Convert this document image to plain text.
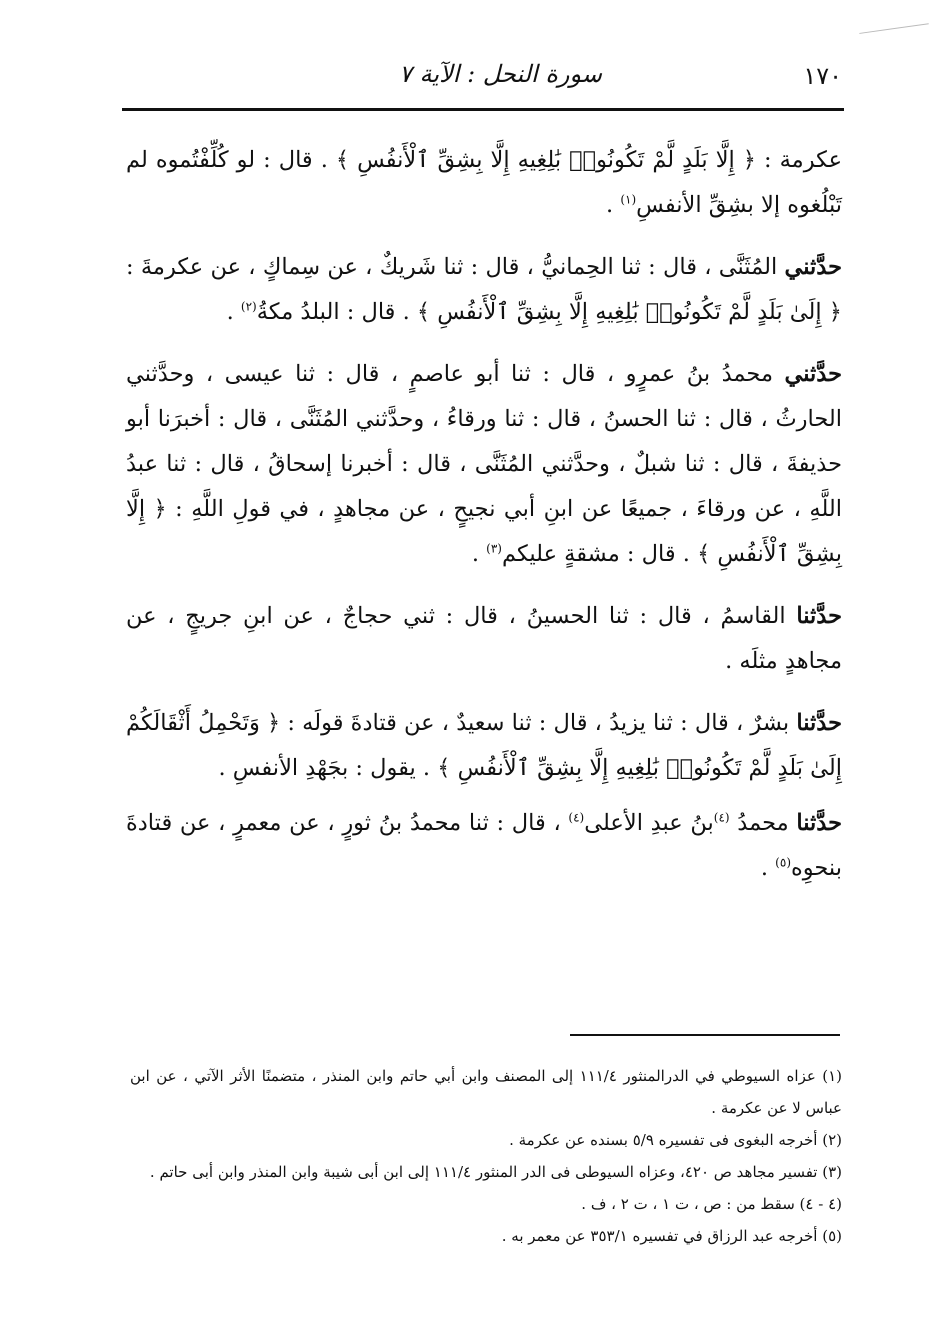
١٧٠
سورة النحل : الآية ٧

عكرمة : ﴿ إِلَّا بَلَدٍ لَّمْ تَكُونُوا۟ بَٰلِغِيهِ إِلَّا بِشِقِّ ٱلْأَنفُسِ ﴾ . قال : لو كُلِّفْتُموه لم تَبْلُغوه إلا بشِقِّ الأنفسِ$^{(١)}$ .

حدَّثني المُثَنَّى ، قال : ثنا الحِمانيُّ ، قال : ثنا شَريكٌ ، عن سِماكٍ ، عن عكرمةَ : ﴿ إِلَىٰ بَلَدٍ لَّمْ تَكُونُوا۟ بَٰلِغِيهِ إِلَّا بِشِقِّ ٱلْأَنفُسِ ﴾ . قال : البلدُ مكةُ$^{(٢)}$ .

حدَّثني محمدُ بنُ عمرٍو ، قال : ثنا أبو عاصمٍ ، قال : ثنا عيسى ، وحدَّثني الحارثُ ، قال : ثنا الحسنُ ، قال : ثنا ورقاءُ ، وحدَّثني المُثَنَّى ، قال : أخبرَنا أبو حذيفةَ ، قال : ثنا شبلٌ ، وحدَّثني المُثَنَّى ، قال : أخبرنا إسحاقُ ، قال : ثنا عبدُ اللَّهِ ، عن ورقاءَ ، جميعًا عن ابنِ أبي نجيحٍ ، عن مجاهدٍ ، في قولِ اللَّهِ : ﴿ إِلَّا بِشِقِّ ٱلْأَنفُسِ ﴾ . قال : مشقةٍ عليكم$^{(٣)}$ .

حدَّثنا القاسمُ ، قال : ثنا الحسينُ ، قال : ثني حجاجٌ ، عن ابنِ جريجٍ ، عن مجاهدٍ مثلَه .

حدَّثنا بشرٌ ، قال : ثنا يزيدُ ، قال : ثنا سعيدٌ ، عن قتادةَ قولَه : ﴿ وَتَحْمِلُ أَثْقَالَكُمْ إِلَىٰ بَلَدٍ لَّمْ تَكُونُوا۟ بَٰلِغِيهِ إِلَّا بِشِقِّ ٱلْأَنفُسِ ﴾ . يقول : بجَهْدِ الأنفسِ .

حدَّثنا محمدُ $^{(٤)}$بنُ عبدِ الأعلى$^{(٤)}$ ، قال : ثنا محمدُ بنُ ثورٍ ، عن معمرٍ ، عن قتادةَ بنحوِه$^{(٥)}$ .

(١) عزاه السيوطي في الدرالمنثور ١١١/٤ إلى المصنف وابن أبي حاتم وابن المنذر ، متضمنًا الأثر الآتي ، عن ابن عباس لا عن عكرمة .

(٢) أخرجه البغوى فى تفسيره ٥/٩ بسنده عن عكرمة .

(٣) تفسير مجاهد ص ٤٢٠، وعزاه السيوطى فى الدر المنثور ١١١/٤ إلى ابن أبى شيبة وابن المنذر وابن أبى حاتم .

(٤ - ٤) سقط من : ص ، ت ١ ، ت ٢ ، ف .

(٥) أخرجه عبد الرزاق في تفسيره ٣٥٣/١ عن معمر به .
